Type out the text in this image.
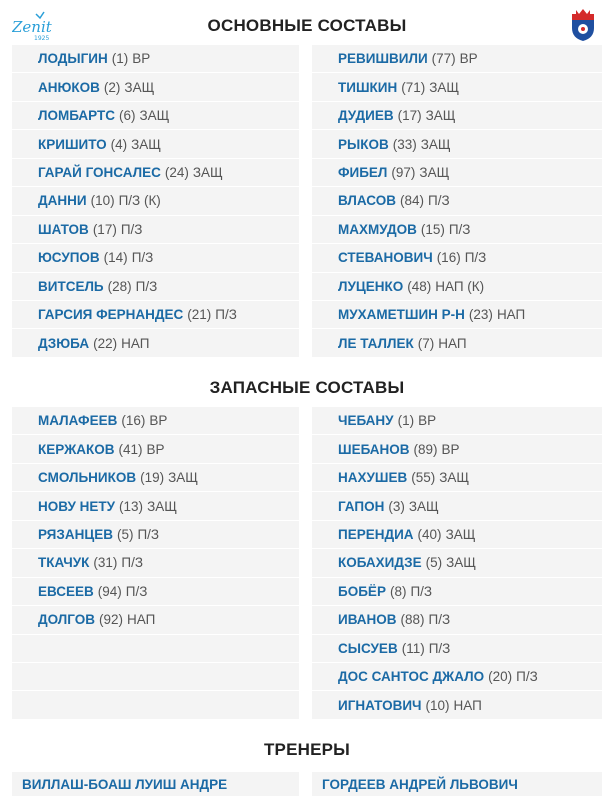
Zenit
1925
ОСНОВНЫЕ СОСТАВЫ
ЗАПАСНЫЕ СОСТАВЫ
ТРЕНЕРЫ
ЛОДЫГИН (1) ВР
АНЮКОВ (2) ЗАЩ
ЛОМБАРТС (6) ЗАЩ
КРИШИТО (4) ЗАЩ
ГАРАЙ ГОНСАЛЕС (24) ЗАЩ
ДАННИ (10) П/З (К)
ШАТОВ (17) П/З
ЮСУПОВ (14) П/З
ВИТСЕЛЬ (28) П/З
ГАРСИЯ ФЕРНАНДЕС (21) П/З
ДЗЮБА (22) НАП
РЕВИШВИЛИ (77) ВР
ТИШКИН (71) ЗАЩ
ДУДИЕВ (17) ЗАЩ
РЫКОВ (33) ЗАЩ
ФИБЕЛ (97) ЗАЩ
ВЛАСОВ (84) П/З
МАХМУДОВ (15) П/З
СТЕВАНОВИЧ (16) П/З
ЛУЦЕНКО (48) НАП (К)
МУХАМЕТШИН Р-Н (23) НАП
ЛЕ ТАЛЛЕК (7) НАП
МАЛАФЕЕВ (16) ВР
КЕРЖАКОВ (41) ВР
СМОЛЬНИКОВ (19) ЗАЩ
НОВУ НЕТУ (13) ЗАЩ
РЯЗАНЦЕВ (5) П/З
ТКАЧУК (31) П/З
ЕВСЕЕВ (94) П/З
ДОЛГОВ (92) НАП
ЧЕБАНУ (1) ВР
ШЕБАНОВ (89) ВР
НАХУШЕВ (55) ЗАЩ
ГАПОН (3) ЗАЩ
ПЕРЕНДИА (40) ЗАЩ
КОБАХИДЗЕ (5) ЗАЩ
БОБЁР (8) П/З
ИВАНОВ (88) П/З
СЫСУЕВ (11) П/З
ДОС САНТОС ДЖАЛО (20) П/З
ИГНАТОВИЧ (10) НАП
ВИЛЛАШ-БОАШ ЛУИШ АНДРЕ	ГОРДЕЕВ АНДРЕЙ ЛЬВОВИЧ
